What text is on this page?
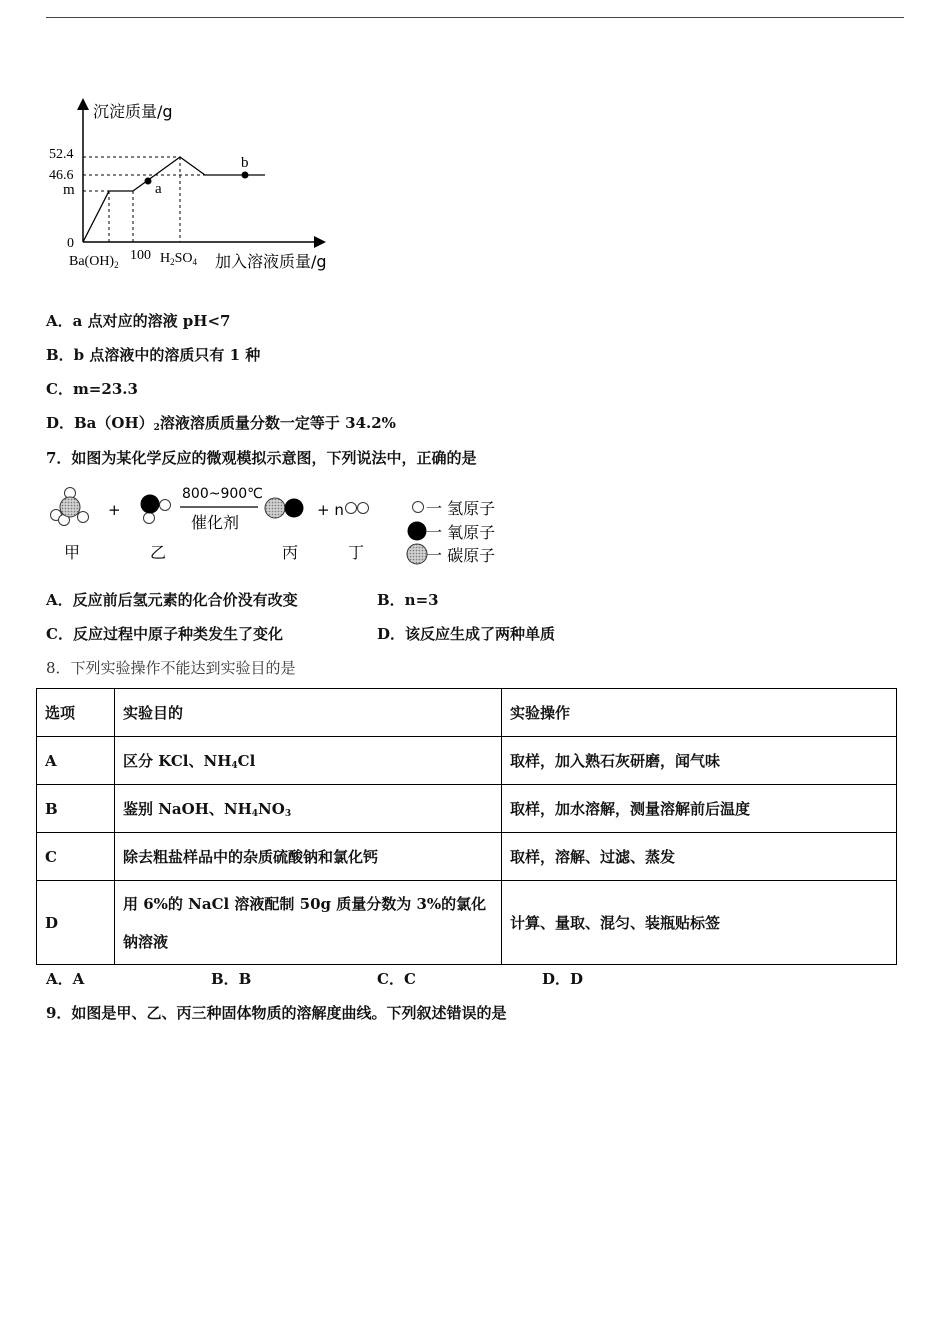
沉淀质量/g
52.4
46.6
m
0
a
b
$Ba(OH)_2$
100 $H_2SO_4$ 加入溶液质量/g
A．a 点对应的溶液 pH<7
B．b 点溶液中的溶质只有 1 种
C．m=23.3
D．$Ba(OH)_2$溶液溶质质量分数一定等于 34.2%
7．如图为某化学反应的微观模拟示意图，下列说法中，正确的是
+
800~900℃
催化剂
+ n
甲	乙	丙	丁
一 氢原子
一 氧原子
一 碳原子
A．反应前后氢元素的化合价没有改变	B．n=3
C．反应过程中原子种类发生了变化	D．该反应生成了两种单质
8．下列实验操作不能达到实验目的是
选项	实验目的	实验操作
A	区分 KCl、$NH_4Cl$	取样，加入熟石灰研磨，闻气味
B	鉴别 NaOH、$NH_4NO_3$	取样，加水溶解，测量溶解前后温度
C	除去粗盐样品中的杂质硫酸钠和氯化钙	取样，溶解、过滤、蒸发
D	用 6%的 NaCl 溶液配制 50g 质量分数为 3%的氯化钠溶液	计算、量取、混匀、装瓶贴标签
A．A	B．B	C．C	D．D
9．如图是甲、乙、丙三种固体物质的溶解度曲线。下列叙述错误的是
